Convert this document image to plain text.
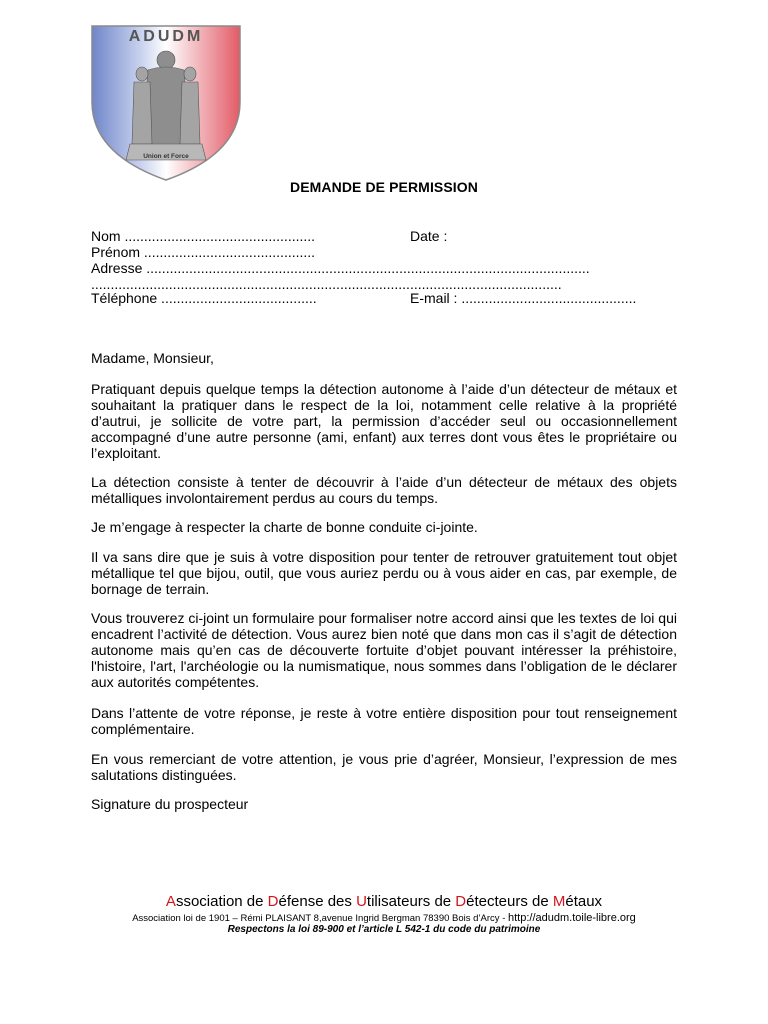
ADUDM
Union et Force
DEMANDE DE PERMISSION
Nom .................................................	Date :
Prénom ............................................
Adresse ..................................................................................................................
.........................................................................................................................
Téléphone ........................................	E-mail : .............................................
Madame, Monsieur,
Pratiquant depuis quelque temps la détection autonome à l’aide d’un détecteur de métaux et souhaitant la pratiquer dans le respect de la loi, notamment celle relative à la propriété d’autrui, je sollicite de votre part, la permission d’accéder seul ou occasionnellement accompagné d’une autre personne (ami, enfant) aux terres dont vous êtes le propriétaire ou l’exploitant.
La détection consiste à tenter de découvrir à l’aide d’un détecteur de métaux des objets métalliques involontairement perdus au cours du temps.
Je m’engage à respecter la charte de bonne conduite ci-jointe.
Il va sans dire que je suis à votre disposition pour tenter de retrouver gratuitement tout objet métallique tel que bijou, outil, que vous auriez perdu ou à vous aider en cas, par exemple, de bornage de terrain.
Vous trouverez ci-joint un formulaire pour formaliser notre accord ainsi que les textes de loi qui encadrent l’activité de détection. Vous aurez bien noté que dans mon cas il s’agit de détection autonome mais qu’en cas de découverte fortuite d’objet pouvant intéresser la préhistoire, l'histoire, l'art, l'archéologie ou la numismatique, nous sommes dans l’obligation de le déclarer aux autorités compétentes.
Dans l’attente de votre réponse, je reste à votre entière disposition pour tout renseignement complémentaire.
En vous remerciant de votre attention, je vous prie d’agréer, Monsieur, l’expression de mes salutations distinguées.
Signature du prospecteur
Association de Défense des Utilisateurs de Détecteurs de Métaux
Association loi de 1901 – Rémi PLAISANT 8,avenue Ingrid Bergman 78390 Bois d’Arcy - http://adudm.toile-libre.org
Respectons la loi 89-900 et l’article L 542-1 du code du patrimoine
